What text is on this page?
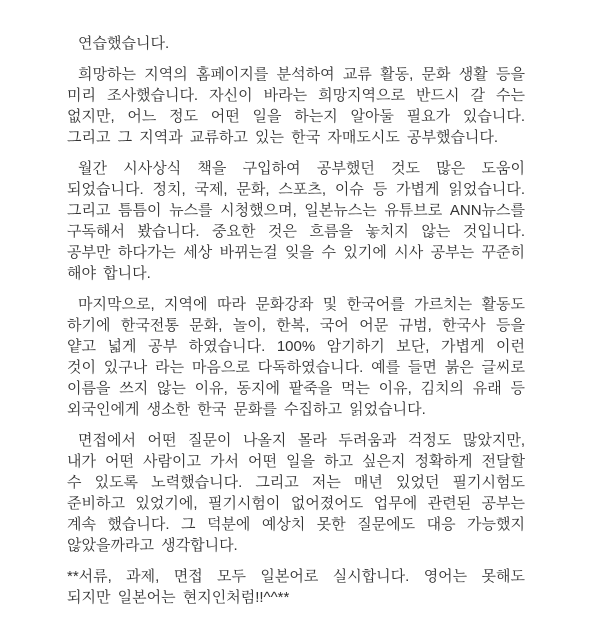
연습했습니다.

희망하는 지역의 홈페이지를 분석하여 교류 활동, 문화 생활 등을 미리 조사했습니다. 자신이 바라는 희망지역으로 반드시 갈 수는 없지만, 어느 정도 어떤 일을 하는지 알아둘 필요가 있습니다. 그리고 그 지역과 교류하고 있는 한국 자매도시도 공부했습니다.

월간 시사상식 책을 구입하여 공부했던 것도 많은 도움이 되었습니다. 정치, 국제, 문화, 스포츠, 이슈 등 가볍게 읽었습니다. 그리고 틈틈이 뉴스를 시청했으며, 일본뉴스는 유튜브로 ANN뉴스를 구독해서 봤습니다. 중요한 것은 흐름을 놓치지 않는 것입니다. 공부만 하다가는 세상 바뀌는걸 잊을 수 있기에 시사 공부는 꾸준히 해야 합니다.

마지막으로, 지역에 따라 문화강좌 및 한국어를 가르치는 활동도 하기에 한국전통 문화, 놀이, 한복, 국어 어문 규범, 한국사 등을 얕고 넓게 공부 하였습니다. 100% 암기하기 보단, 가볍게 이런 것이 있구나 라는 마음으로 다독하였습니다. 예를 들면 붉은 글씨로 이름을 쓰지 않는 이유, 동지에 팥죽을 먹는 이유, 김치의 유래 등 외국인에게 생소한 한국 문화를 수집하고 읽었습니다.

면접에서 어떤 질문이 나올지 몰라 두려움과 걱정도 많았지만, 내가 어떤 사람이고 가서 어떤 일을 하고 싶은지 정확하게 전달할 수 있도록 노력했습니다. 그리고 저는 매년 있었던 필기시험도 준비하고 있었기에, 필기시험이 없어졌어도 업무에 관련된 공부는 계속 했습니다. 그 덕분에 예상치 못한 질문에도 대응 가능했지 않았을까라고 생각합니다.

**서류, 과제, 면접 모두 일본어로 실시합니다. 영어는 못해도 되지만 일본어는 현지인처럼!!^^**
